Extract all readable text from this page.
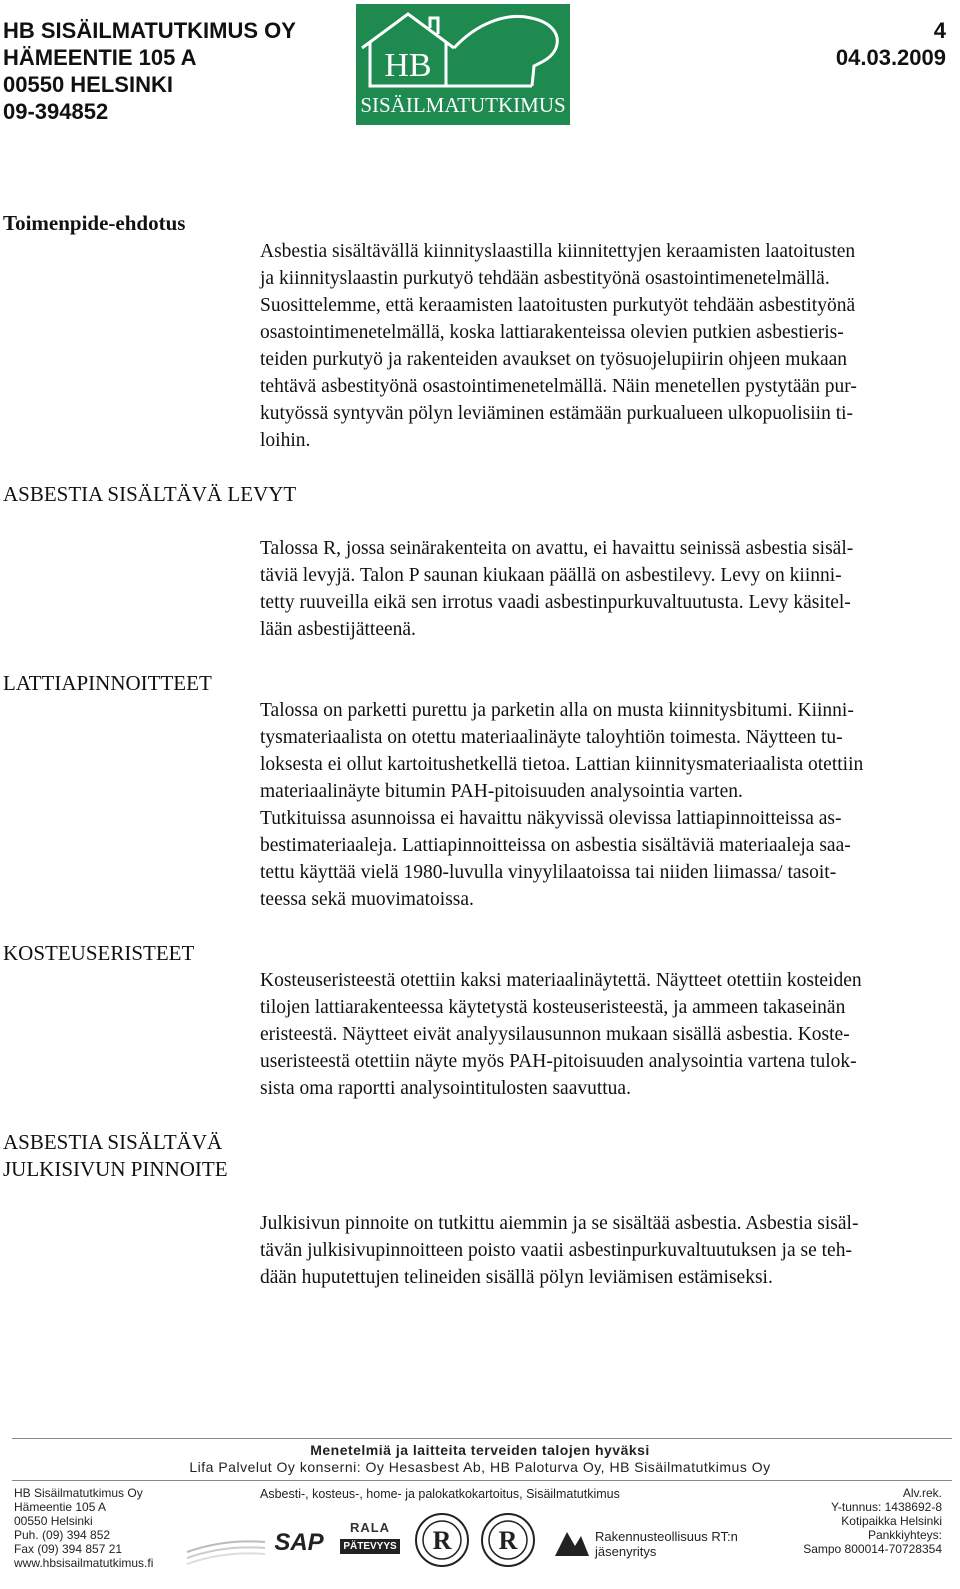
HB SISÄILMATUTKIMUS OY
HÄMEENTIE 105 A
00550 HELSINKI
09-394852
HB
SISÄILMATUTKIMUS
4
04.03.2009
Toimenpide-ehdotus
Asbestia sisältävällä kiinnityslaastilla kiinnitettyjen keraamisten laatoitusten
ja kiinnityslaastin purkutyö tehdään asbestityönä osastointimenetelmällä.
Suosittelemme, että keraamisten laatoitusten purkutyöt tehdään asbestityönä
osastointimenetelmällä, koska lattiarakenteissa olevien putkien asbestieris-
teiden purkutyö ja rakenteiden avaukset on työsuojelupiirin ohjeen mukaan
tehtävä asbestityönä osastointimenetelmällä. Näin menetellen pystytään pur-
kutyössä syntyvän pölyn leviäminen estämään purkualueen ulkopuolisiin ti-
loihin.
ASBESTIA SISÄLTÄVÄ LEVYT
Talossa R, jossa seinärakenteita on avattu, ei havaittu seinissä asbestia sisäl-
täviä levyjä. Talon P saunan kiukaan päällä on asbestilevy. Levy on kiinni-
tetty ruuveilla eikä sen irrotus vaadi asbestinpurkuvaltuutusta. Levy käsitel-
lään asbestijätteenä.
LATTIAPINNOITTEET
Talossa on parketti purettu ja parketin alla on musta kiinnitysbitumi. Kiinni-
tysmateriaalista on otettu materiaalinäyte taloyhtiön toimesta. Näytteen tu-
loksesta ei ollut kartoitushetkellä tietoa. Lattian kiinnitysmateriaalista otettiin
materiaalinäyte bitumin PAH-pitoisuuden analysointia varten.
Tutkituissa asunnoissa ei havaittu näkyvissä olevissa lattiapinnoitteissa as-
bestimateriaaleja. Lattiapinnoitteissa on asbestia sisältäviä materiaaleja saa-
tettu käyttää vielä 1980-luvulla vinyylilaatoissa tai niiden liimassa/ tasoit-
teessa sekä muovimatoissa.
KOSTEUSERISTEET
Kosteuseristeestä otettiin kaksi materiaalinäytettä. Näytteet otettiin kosteiden
tilojen lattiarakenteessa käytetystä kosteuseristeestä, ja ammeen takaseinän
eristeestä. Näytteet eivät analyysilausunnon mukaan sisällä asbestia. Koste-
useristeestä otettiin näyte myös PAH-pitoisuuden analysointia vartena tulok-
sista oma raportti analysointitulosten saavuttua.
ASBESTIA SISÄLTÄVÄ
JULKISIVUN PINNOITE
Julkisivun pinnoite on tutkittu aiemmin ja se sisältää asbestia. Asbestia sisäl-
tävän julkisivupinnoitteen poisto vaatii asbestinpurkuvaltuutuksen ja se teh-
dään huputettujen telineiden sisällä pölyn leviämisen estämiseksi.
Menetelmiä ja laitteita terveiden talojen hyväksi
Lifa Palvelut Oy konserni: Oy Hesasbest Ab, HB Paloturva Oy, HB Sisäilmatutkimus Oy
HB Sisäilmatutkimus Oy
Hämeentie 105 A
00550 Helsinki
Puh. (09) 394 852
Fax (09) 394 857 21
www.hbsisailmatutkimus.fi
Asbesti-, kosteus-, home- ja palokatkokartoitus, Sisäilmatutkimus
SAP
RALA
PÄTEVYYS R R	Rakennusteollisuus RT:n
jäsenyritys
Alv.rek.
Y-tunnus: 1438692-8
Kotipaikka Helsinki
Pankkiyhteys:
Sampo 800014-70728354
